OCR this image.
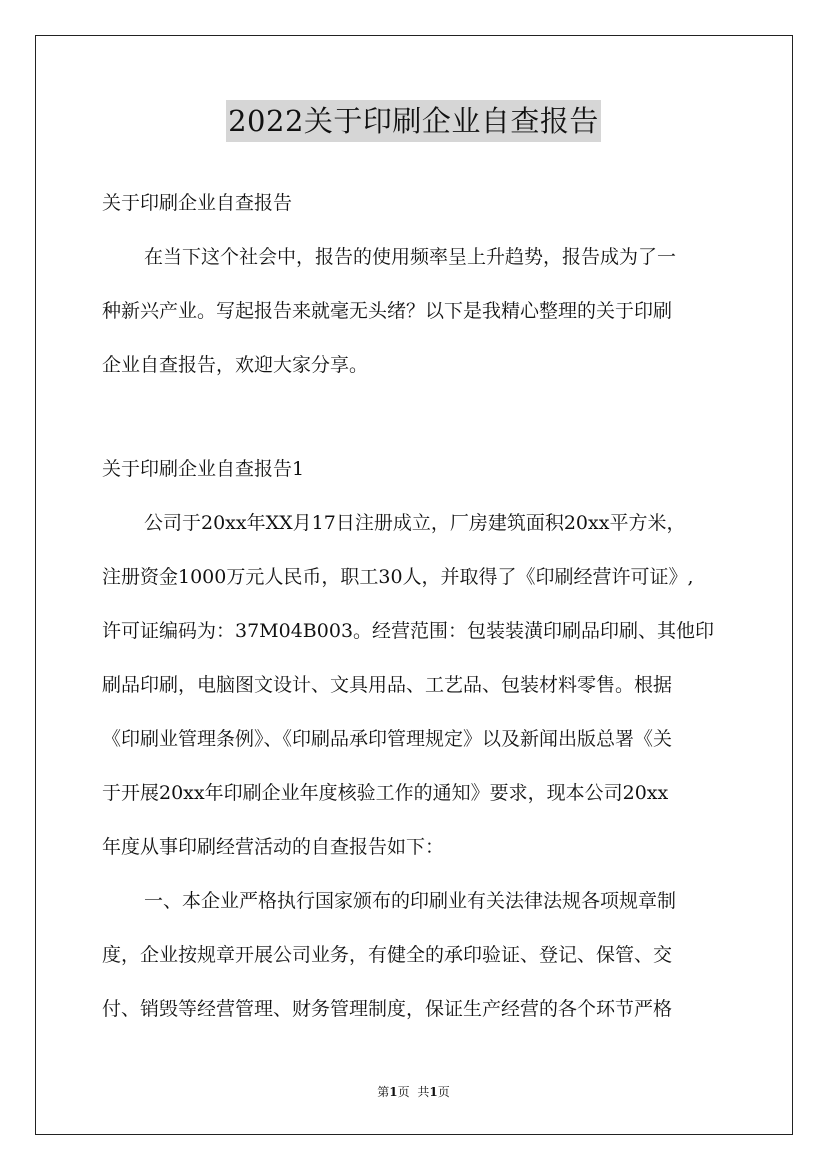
2022关于印刷企业自查报告

关于印刷企业自查报告

在当下这个社会中，报告的使用频率呈上升趋势，报告成为了一
种新兴产业。写起报告来就毫无头绪？以下是我精心整理的关于印刷
企业自查报告，欢迎大家分享。

关于印刷企业自查报告1

公司于20xx年XX月17日注册成立，厂房建筑面积20xx平方米，
注册资金1000万元人民币，职工30人，并取得了《印刷经营许可证》,
许可证编码为：37M04B003。经营范围：包装装潢印刷品印刷、其他印
刷品印刷，电脑图文设计、文具用品、工艺品、包装材料零售。根据
《印刷业管理条例》、《印刷品承印管理规定》以及新闻出版总署《关
于开展20xx年印刷企业年度核验工作的通知》要求，现本公司20xx
年度从事印刷经营活动的自查报告如下：
一、本企业严格执行国家颁布的印刷业有关法律法规各项规章制
度，企业按规章开展公司业务，有健全的承印验证、登记、保管、交
付、销毁等经营管理、财务管理制度，保证生产经营的各个环节严格
第1页 共1页
